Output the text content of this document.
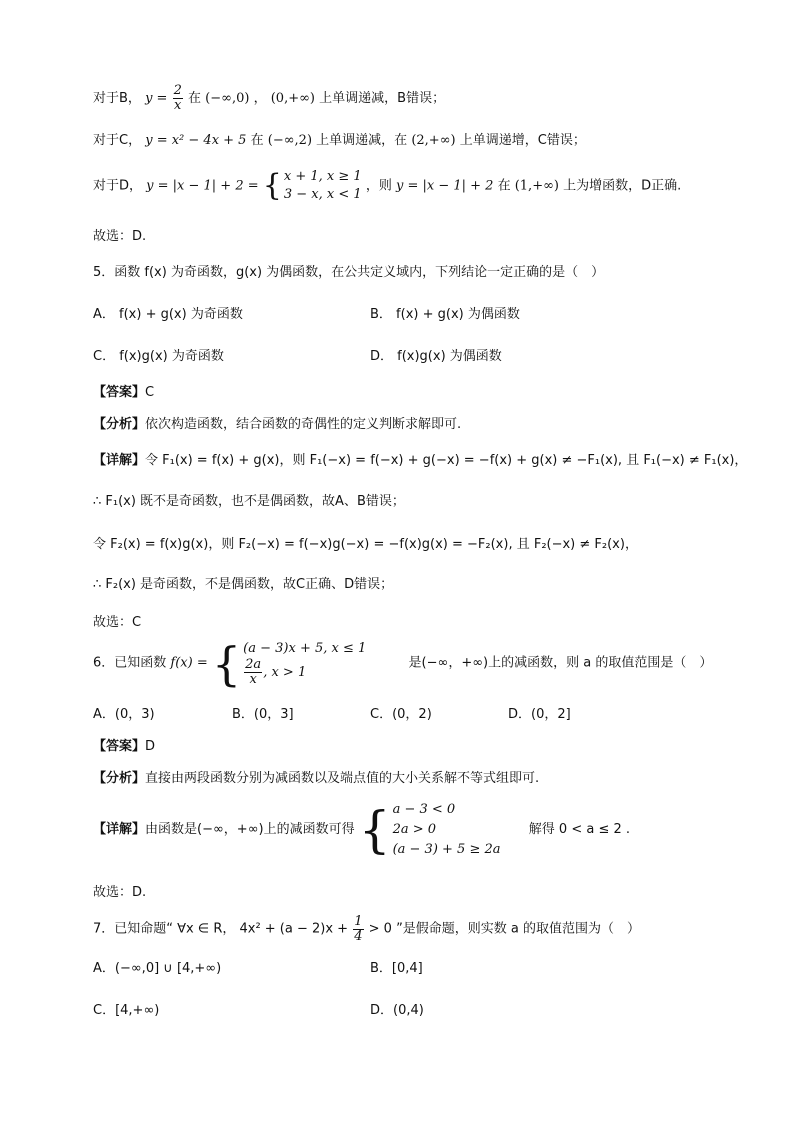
对于B， $y = \frac{2}{x}$ 在 (−∞,0) ， (0,+∞) 上单调递减，B错误；
对于C， y = x² − 4x + 5 在 (−∞,2) 上单调递减，在 (2,+∞) 上单调递增，C错误；
对于D， y = |x − 1| + 2 = { x + 1, x ≥ 1
3 − x, x < 1
，则 y = |x − 1| + 2 在 (1,+∞) 上为增函数，D正确.
故选：D.
5．函数 f(x) 为奇函数，g(x) 为偶函数，在公共定义域内，下列结论一定正确的是（　）
A． f(x) + g(x) 为奇函数	B． f(x) + g(x) 为偶函数
C． f(x)g(x) 为奇函数	D． f(x)g(x) 为偶函数
【答案】C
【分析】依次构造函数，结合函数的奇偶性的定义判断求解即可.
【详解】令 F₁(x) = f(x) + g(x)，则 F₁(−x) = f(−x) + g(−x) = −f(x) + g(x) ≠ −F₁(x), 且 F₁(−x) ≠ F₁(x)，
∴ F₁(x) 既不是奇函数，也不是偶函数，故A、B错误；
令 F₂(x) = f(x)g(x)，则 F₂(−x) = f(−x)g(−x) = −f(x)g(x) = −F₂(x), 且 F₂(−x) ≠ F₂(x)，
∴ F₂(x) 是奇函数，不是偶函数，故C正确、D错误；
故选：C
6．已知函数 f(x) = { (a − 3)x + 5, x ≤ 1
$\frac{2a}{x}$ , x > 1
是(−∞，+∞)上的减函数，则 a 的取值范围是（　）
A．(0，3)	B．(0，3]	C．(0，2)	D．(0，2]
【答案】D
【分析】直接由两段函数分别为减函数以及端点值的大小关系解不等式组即可.
【详解】由函数是(−∞，+∞)上的减函数可得 { a − 3 < 0
2a > 0
(a − 3) + 5 ≥ 2a
解得 0 < a ≤ 2 .
故选：D.
7．已知命题“ ∀x ∈ R， $4x^2 + (a - 2)x + \frac{1}{4} > 0$ ”是假命题，则实数 a 的取值范围为（　）
A．(−∞,0] ∪ [4,+∞)	B．[0,4]
C．[4,+∞)	D．(0,4)
